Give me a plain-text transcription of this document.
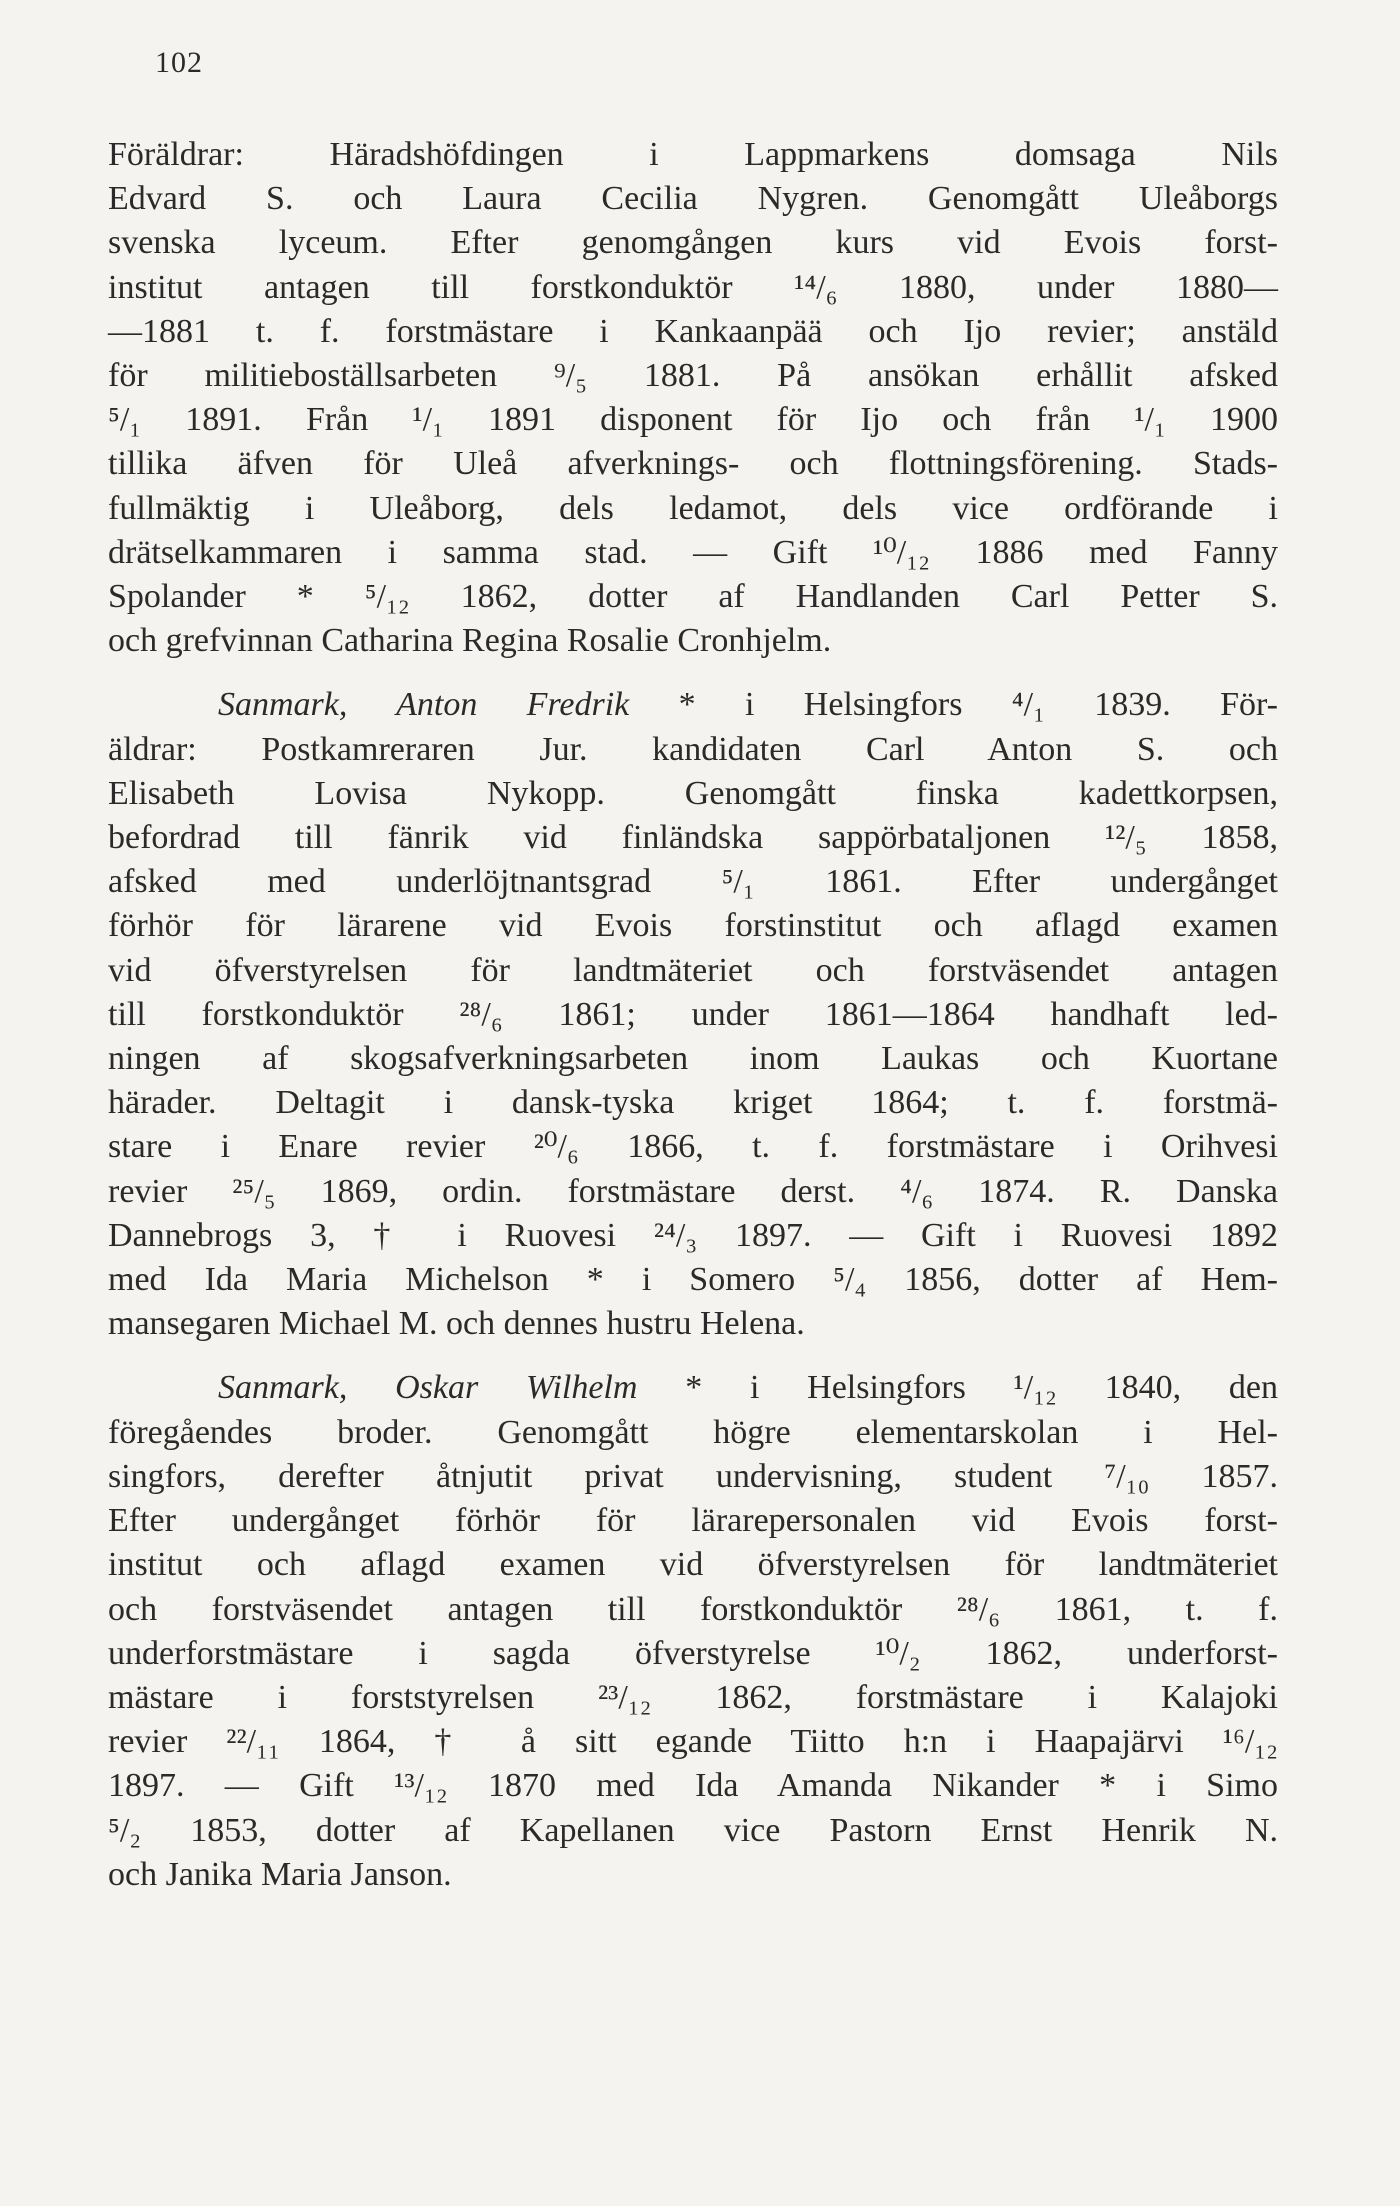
102
Föräldrar: Häradshöfdingen i Lappmarkens domsaga Nils
Edvard S. och Laura Cecilia Nygren. Genomgått Uleåborgs
svenska lyceum. Efter genomgången kurs vid Evois forst-
institut antagen till forstkonduktör ¹⁴/₆ 1880, under 1880—
—1881 t. f. forstmästare i Kankaanpää och Ijo revier; anstäld
för militieboställsarbeten ⁹/₅ 1881. På ansökan erhållit afsked
⁵/₁ 1891. Från ¹/₁ 1891 disponent för Ijo och från ¹/₁ 1900
tillika äfven för Uleå afverknings- och flottningsförening. Stads-
fullmäktig i Uleåborg, dels ledamot, dels vice ordförande i
drätselkammaren i samma stad. — Gift ¹⁰/₁₂ 1886 med Fanny
Spolander * ⁵/₁₂ 1862, dotter af Handlanden Carl Petter S.
och grefvinnan Catharina Regina Rosalie Cronhjelm.
Sanmark, Anton Fredrik * i Helsingfors ⁴/₁ 1839. För-
äldrar: Postkamreraren Jur. kandidaten Carl Anton S. och
Elisabeth Lovisa Nykopp. Genomgått finska kadettkorpsen,
befordrad till fänrik vid finländska sappörbataljonen ¹²/₅ 1858,
afsked med underlöjtnantsgrad ⁵/₁ 1861. Efter undergånget
förhör för lärarene vid Evois forstinstitut och aflagd examen
vid öfverstyrelsen för landtmäteriet och forstväsendet antagen
till forstkonduktör ²⁸/₆ 1861; under 1861—1864 handhaft led-
ningen af skogsafverkningsarbeten inom Laukas och Kuortane
härader. Deltagit i dansk-tyska kriget 1864; t. f. forstmä-
stare i Enare revier ²⁰/₆ 1866, t. f. forstmästare i Orihvesi
revier ²⁵/₅ 1869, ordin. forstmästare derst. ⁴/₆ 1874. R. Danska
Dannebrogs 3, † i Ruovesi ²⁴/₃ 1897. — Gift i Ruovesi 1892
med Ida Maria Michelson * i Somero ⁵/₄ 1856, dotter af Hem-
mansegaren Michael M. och dennes hustru Helena.
Sanmark, Oskar Wilhelm * i Helsingfors ¹/₁₂ 1840, den
föregåendes broder. Genomgått högre elementarskolan i Hel-
singfors, derefter åtnjutit privat undervisning, student ⁷/₁₀ 1857.
Efter undergånget förhör för lärarepersonalen vid Evois forst-
institut och aflagd examen vid öfverstyrelsen för landtmäteriet
och forstväsendet antagen till forstkonduktör ²⁸/₆ 1861, t. f.
underforstmästare i sagda öfverstyrelse ¹⁰/₂ 1862, underforst-
mästare i forststyrelsen ²³/₁₂ 1862, forstmästare i Kalajoki
revier ²²/₁₁ 1864, † å sitt egande Tiitto h:n i Haapajärvi ¹⁶/₁₂
1897. — Gift ¹³/₁₂ 1870 med Ida Amanda Nikander * i Simo
⁵/₂ 1853, dotter af Kapellanen vice Pastorn Ernst Henrik N.
och Janika Maria Janson.
